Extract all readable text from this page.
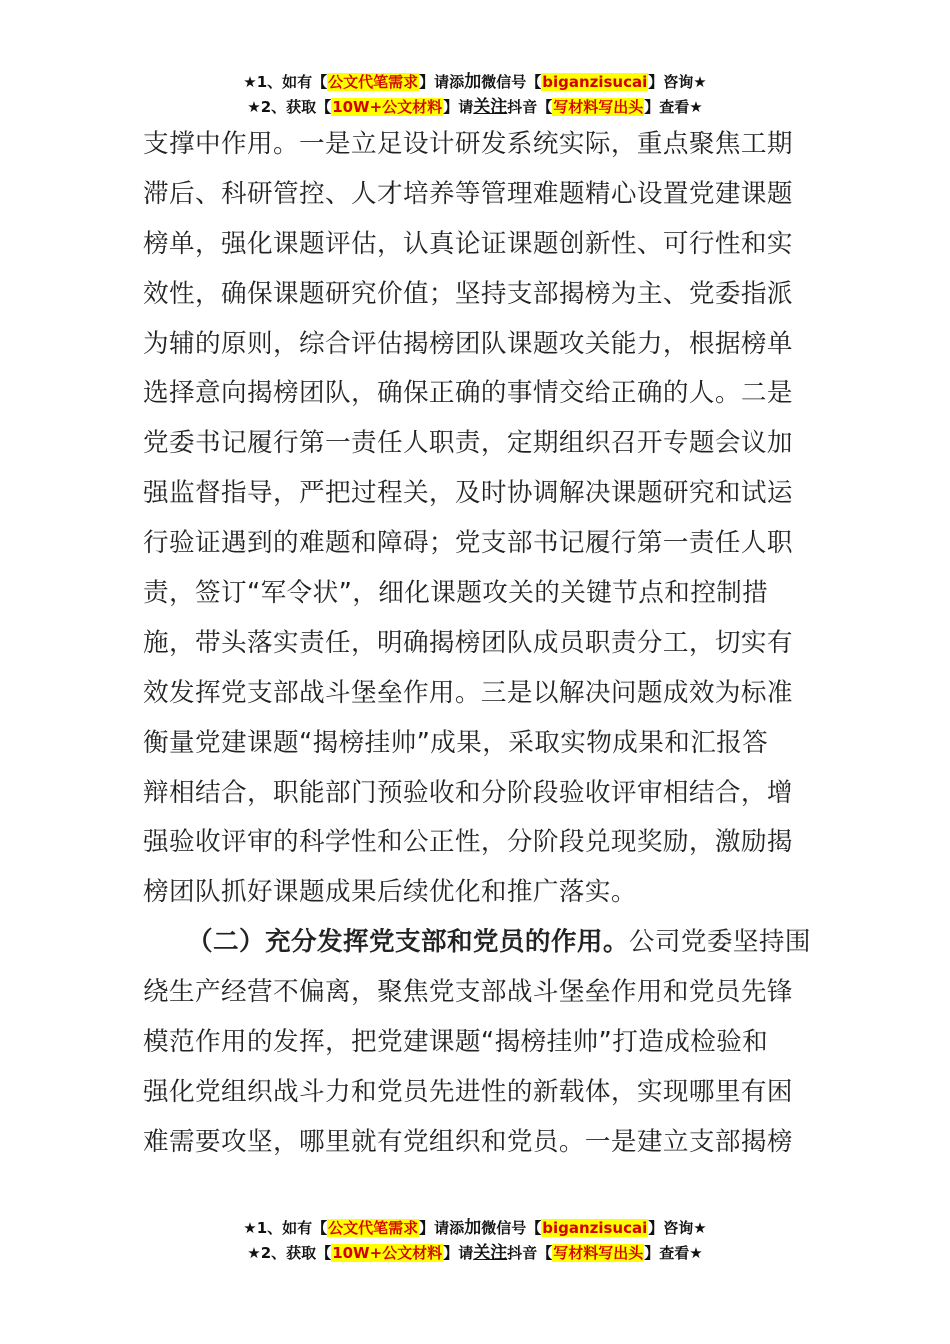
★1、如有【公文代笔需求】请添加微信号【biganzisucai】咨询★
★2、获取【10W+公文材料】请关注抖音【写材料写出头】查看★
支撑中作用。一是立足设计研发系统实际，重点聚焦工期
滞后、科研管控、人才培养等管理难题精心设置党建课题
榜单，强化课题评估，认真论证课题创新性、可行性和实
效性，确保课题研究价值；坚持支部揭榜为主、党委指派
为辅的原则，综合评估揭榜团队课题攻关能力，根据榜单
选择意向揭榜团队，确保正确的事情交给正确的人。二是
党委书记履行第一责任人职责，定期组织召开专题会议加
强监督指导，严把过程关，及时协调解决课题研究和试运
行验证遇到的难题和障碍；党支部书记履行第一责任人职
责，签订“军令状”，细化课题攻关的关键节点和控制措
施，带头落实责任，明确揭榜团队成员职责分工，切实有
效发挥党支部战斗堡垒作用。三是以解决问题成效为标准
衡量党建课题“揭榜挂帅”成果，采取实物成果和汇报答
辩相结合，职能部门预验收和分阶段验收评审相结合，增
强验收评审的科学性和公正性，分阶段兑现奖励，激励揭
榜团队抓好课题成果后续优化和推广落实。
（二）充分发挥党支部和党员的作用。公司党委坚持围
绕生产经营不偏离，聚焦党支部战斗堡垒作用和党员先锋
模范作用的发挥，把党建课题“揭榜挂帅”打造成检验和
强化党组织战斗力和党员先进性的新载体，实现哪里有困
难需要攻坚，哪里就有党组织和党员。一是建立支部揭榜
★1、如有【公文代笔需求】请添加微信号【biganzisucai】咨询★
★2、获取【10W+公文材料】请关注抖音【写材料写出头】查看★
